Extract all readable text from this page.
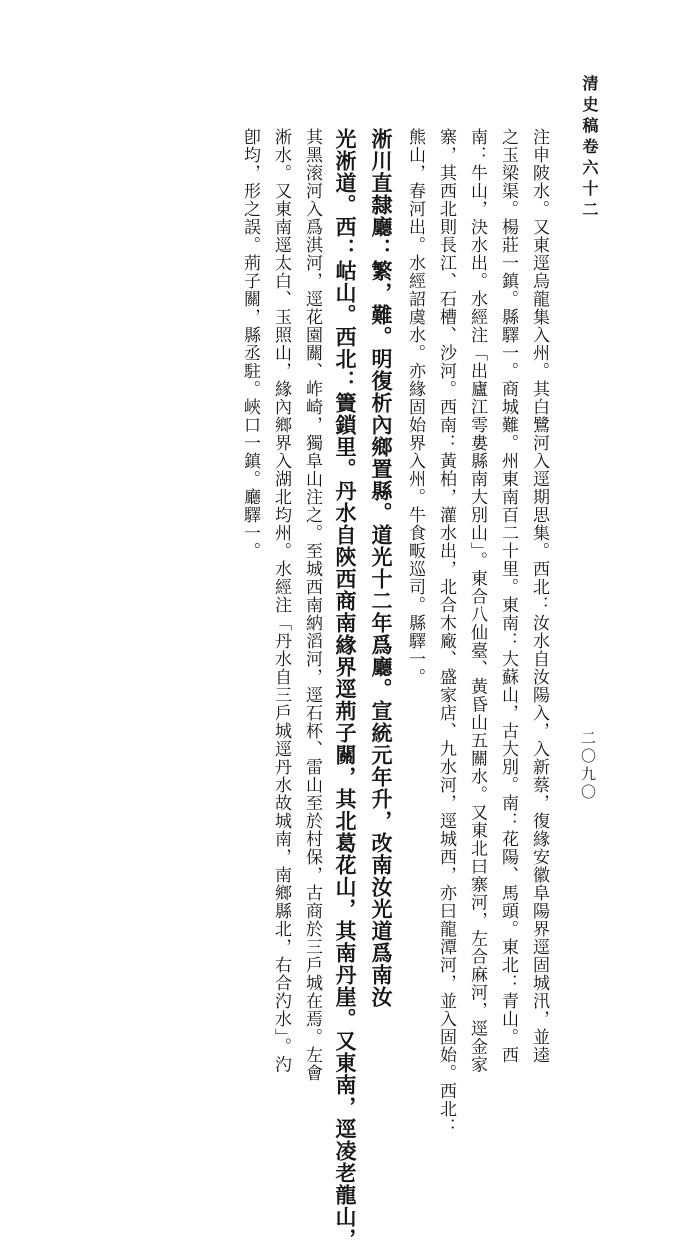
清史稿卷六十二
二〇九〇
注申陂水。又東逕烏龍集入州。其白鷺河入逕期思集。西北：汝水自汝陽入，入新蔡，復緣安徽阜陽界逕固城汛，並逵
之玉梁渠。楊莊一鎮。縣驛一。商城難。州東南百二十里。東南：大蘇山，古大別。南：花陽、馬頭。東北：青山。西
南：牛山，決水出。水經注「出廬江雩婁縣南大別山」。東合八仙臺、黃昏山五關水。又東北曰寨河，左合麻河，逕金家
寨，其西北則長江、石槽、沙河。西南：黃柏，灌水出，北合木廠、盛家店、九水河，逕城西，亦曰龍潭河，並入固始。西北：
熊山，春河出。水經詔虞水。亦緣固始界入州。牛食畈巡司。縣驛一。
淅川直隸廳：繁，難。明復析內鄉置縣。道光十二年爲廳。宣統元年升，改南汝光道爲南汝
光淅道。西：岵山。西北：簀鎖里。丹水自陝西商南緣界逕荊子關，其北葛花山，其南丹崖。又東南，逕凌老龍山，
其黑滚河入爲淇河，逕花園關、岞崎，獨阜山注之。至城西南納滔河，逕石杯、雷山至於村保，古商於三戶城在焉。左會
淅水。又東南逕太白、玉照山，緣內鄉界入湖北均州。水經注「丹水自三戶城逕丹水故城南，南鄉縣北，右合汋水」。汋
卽均，形之誤。荊子關，縣丞駐。峽口一鎮。廳驛一。
